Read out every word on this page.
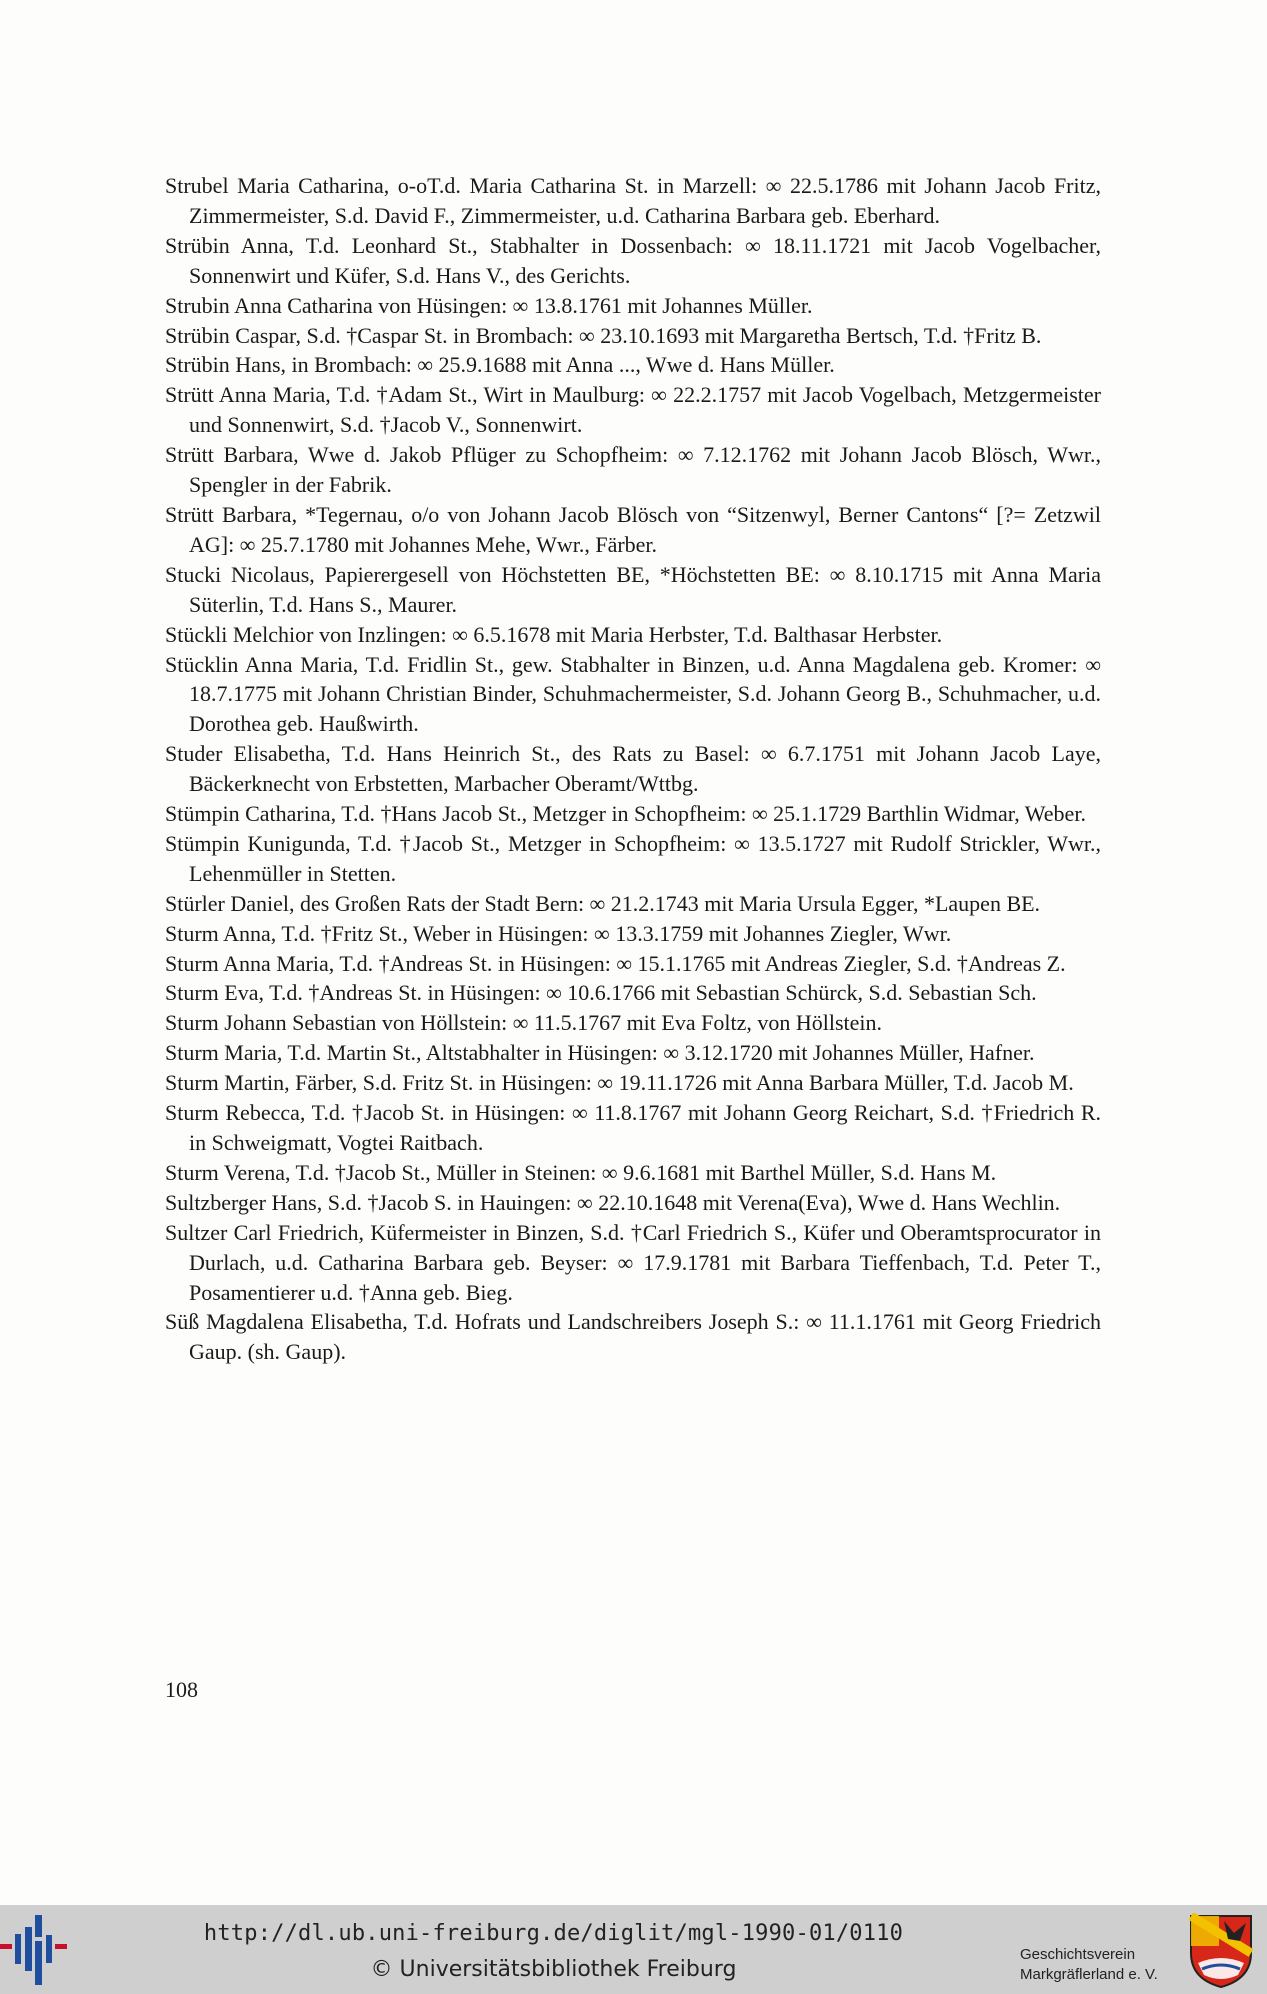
Strubel Maria Catharina, o-oT.d. Maria Catharina St. in Marzell: ∞ 22.5.1786 mit Johann Jacob Fritz, Zimmermeister, S.d. David F., Zimmermeister, u.d. Catharina Barbara geb. Eberhard.
Strübin Anna, T.d. Leonhard St., Stabhalter in Dossenbach: ∞ 18.11.1721 mit Jacob Vogelbacher, Sonnenwirt und Küfer, S.d. Hans V., des Gerichts.
Strubin Anna Catharina von Hüsingen: ∞ 13.8.1761 mit Johannes Müller.
Strübin Caspar, S.d. †Caspar St. in Brombach: ∞ 23.10.1693 mit Margaretha Bertsch, T.d. †Fritz B.
Strübin Hans, in Brombach: ∞ 25.9.1688 mit Anna ..., Wwe d. Hans Müller.
Strütt Anna Maria, T.d. †Adam St., Wirt in Maulburg: ∞ 22.2.1757 mit Jacob Vogelbach, Metzgermeister und Sonnenwirt, S.d. †Jacob V., Sonnenwirt.
Strütt Barbara, Wwe d. Jakob Pflüger zu Schopfheim: ∞ 7.12.1762 mit Johann Jacob Blösch, Wwr., Spengler in der Fabrik.
Strütt Barbara, *Tegernau, o/o von Johann Jacob Blösch von “Sitzenwyl, Berner Cantons“ [?= Zetzwil AG]: ∞ 25.7.1780 mit Johannes Mehe, Wwr., Färber.
Stucki Nicolaus, Papierergesell von Höchstetten BE, *Höchstetten BE: ∞ 8.10.1715 mit Anna Maria Süterlin, T.d. Hans S., Maurer.
Stückli Melchior von Inzlingen: ∞ 6.5.1678 mit Maria Herbster, T.d. Balthasar Herbster.
Stücklin Anna Maria, T.d. Fridlin St., gew. Stabhalter in Binzen, u.d. Anna Magdalena geb. Kromer: ∞ 18.7.1775 mit Johann Christian Binder, Schuhmachermeister, S.d. Johann Georg B., Schuhmacher, u.d. Dorothea geb. Haußwirth.
Studer Elisabetha, T.d. Hans Heinrich St., des Rats zu Basel: ∞ 6.7.1751 mit Johann Jacob Laye, Bäckerknecht von Erbstetten, Marbacher Oberamt/Wttbg.
Stümpin Catharina, T.d. †Hans Jacob St., Metzger in Schopfheim: ∞ 25.1.1729 Barthlin Widmar, Weber.
Stümpin Kunigunda, T.d. †Jacob St., Metzger in Schopfheim: ∞ 13.5.1727 mit Rudolf Strickler, Wwr., Lehenmüller in Stetten.
Stürler Daniel, des Großen Rats der Stadt Bern: ∞ 21.2.1743 mit Maria Ursula Egger, *Laupen BE.
Sturm Anna, T.d. †Fritz St., Weber in Hüsingen: ∞ 13.3.1759 mit Johannes Ziegler, Wwr.
Sturm Anna Maria, T.d. †Andreas St. in Hüsingen: ∞ 15.1.1765 mit Andreas Ziegler, S.d. †Andreas Z.
Sturm Eva, T.d. †Andreas St. in Hüsingen: ∞ 10.6.1766 mit Sebastian Schürck, S.d. Sebastian Sch.
Sturm Johann Sebastian von Höllstein: ∞ 11.5.1767 mit Eva Foltz, von Höllstein.
Sturm Maria, T.d. Martin St., Altstabhalter in Hüsingen: ∞ 3.12.1720 mit Johannes Müller, Hafner.
Sturm Martin, Färber, S.d. Fritz St. in Hüsingen: ∞ 19.11.1726 mit Anna Barbara Müller, T.d. Jacob M.
Sturm Rebecca, T.d. †Jacob St. in Hüsingen: ∞ 11.8.1767 mit Johann Georg Reichart, S.d. †Friedrich R. in Schweigmatt, Vogtei Raitbach.
Sturm Verena, T.d. †Jacob St., Müller in Steinen: ∞ 9.6.1681 mit Barthel Müller, S.d. Hans M.
Sultzberger Hans, S.d. †Jacob S. in Hauingen: ∞ 22.10.1648 mit Verena(Eva), Wwe d. Hans Wechlin.
Sultzer Carl Friedrich, Küfermeister in Binzen, S.d. †Carl Friedrich S., Küfer und Oberamtsprocurator in Durlach, u.d. Catharina Barbara geb. Beyser: ∞ 17.9.1781 mit Barbara Tieffenbach, T.d. Peter T., Posamentierer u.d. †Anna geb. Bieg.
Süß Magdalena Elisabetha, T.d. Hofrats und Landschreibers Joseph S.: ∞ 11.1.1761 mit Georg Friedrich Gaup. (sh. Gaup).
108
http://dl.ub.uni-freiburg.de/diglit/mgl-1990-01/0110
© Universitätsbibliothek Freiburg
Geschichtsverein
Markgräflerland e. V.
